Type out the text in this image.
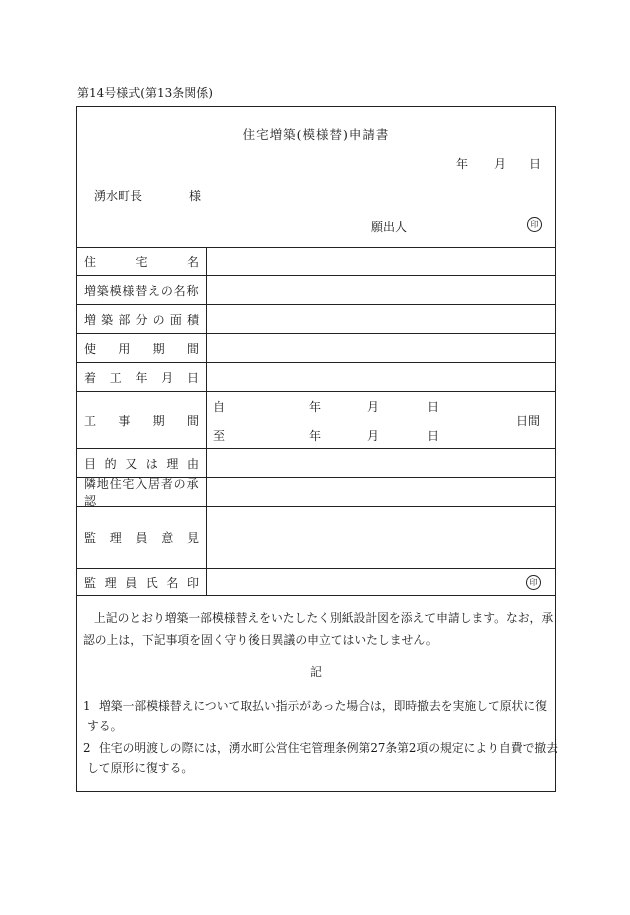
第14号様式(第13条関係)
住宅増築(模様替)申請書
年 月 日
湧水町長	様
願出人	印
住宅名
増築模様替えの名称
増築部分の面積
使用期間
着工年月日
工事期間
自	年	月	日
至	年	月	日
日間
目的又は理由
隣地住宅入居者の承認
監理員意見
監理員氏名印	印
上記のとおり増築一部模様替えをいたしたく別紙設計図を添えて申請します。なお，承
認の上は，下記事項を固く守り後日異議の申立てはいたしません。
記
1 増築一部模様替えについて取払い指示があった場合は，即時撤去を実施して原状に復
する。
2 住宅の明渡しの際には，湧水町公営住宅管理条例第27条第2項の規定により自費で撤去
して原形に復する。
